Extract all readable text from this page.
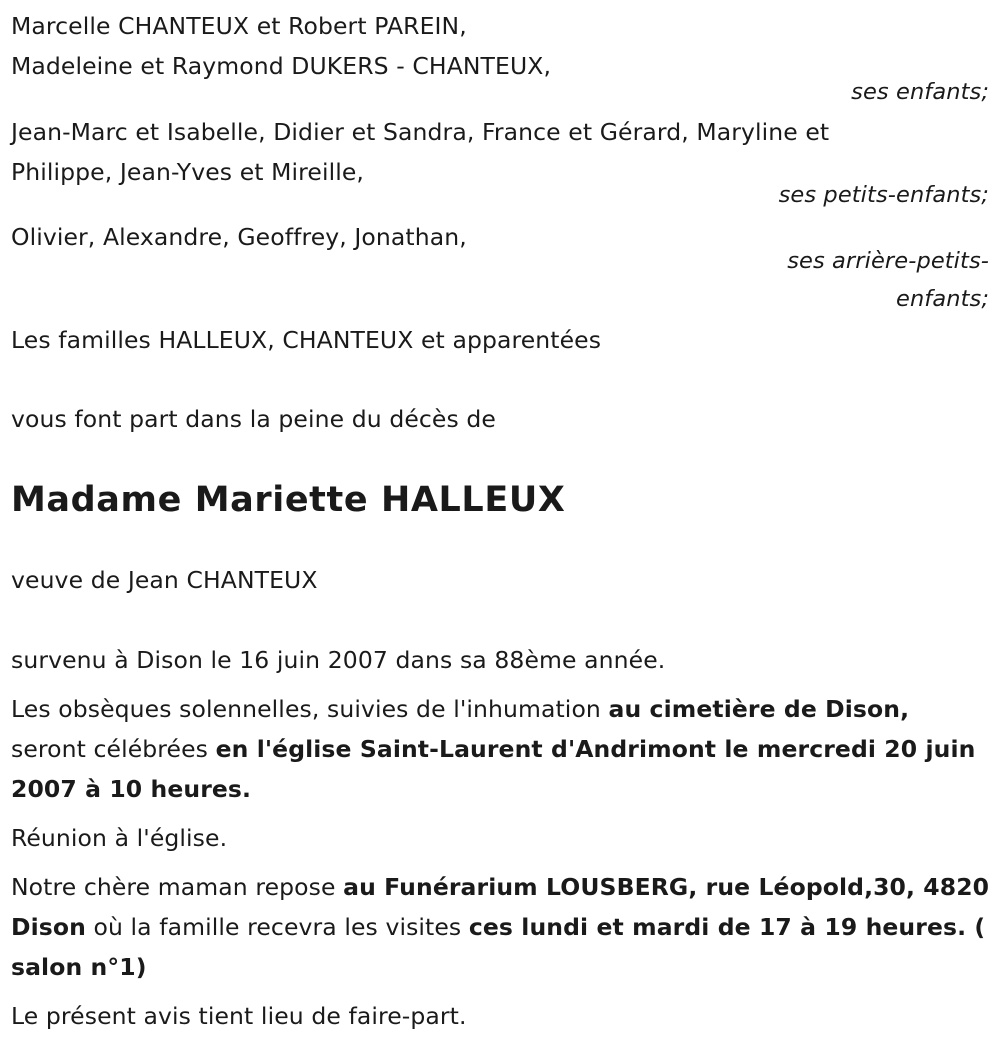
Marcelle CHANTEUX et Robert PAREIN,
Madeleine et Raymond DUKERS - CHANTEUX,
ses enfants;
Jean-Marc et Isabelle, Didier et Sandra, France et Gérard, Maryline et
Philippe, Jean-Yves et Mireille,
ses petits-enfants;
Olivier, Alexandre, Geoffrey, Jonathan,
ses arrière-petits-
enfants;
Les familles HALLEUX, CHANTEUX et apparentées
vous font part dans la peine du décès de
Madame Mariette HALLEUX
veuve de Jean CHANTEUX
survenu à Dison le 16 juin 2007 dans sa 88ème année.
Les obsèques solennelles, suivies de l'inhumation au cimetière de Dison, seront célébrées en l'église Saint-Laurent d'Andrimont le mercredi 20 juin 2007 à 10 heures.
Réunion à l'église.
Notre chère maman repose au Funérarium LOUSBERG, rue Léopold,30, 4820 Dison où la famille recevra les visites ces lundi et mardi de 17 à 19 heures. ( salon n°1)
Le présent avis tient lieu de faire-part.
